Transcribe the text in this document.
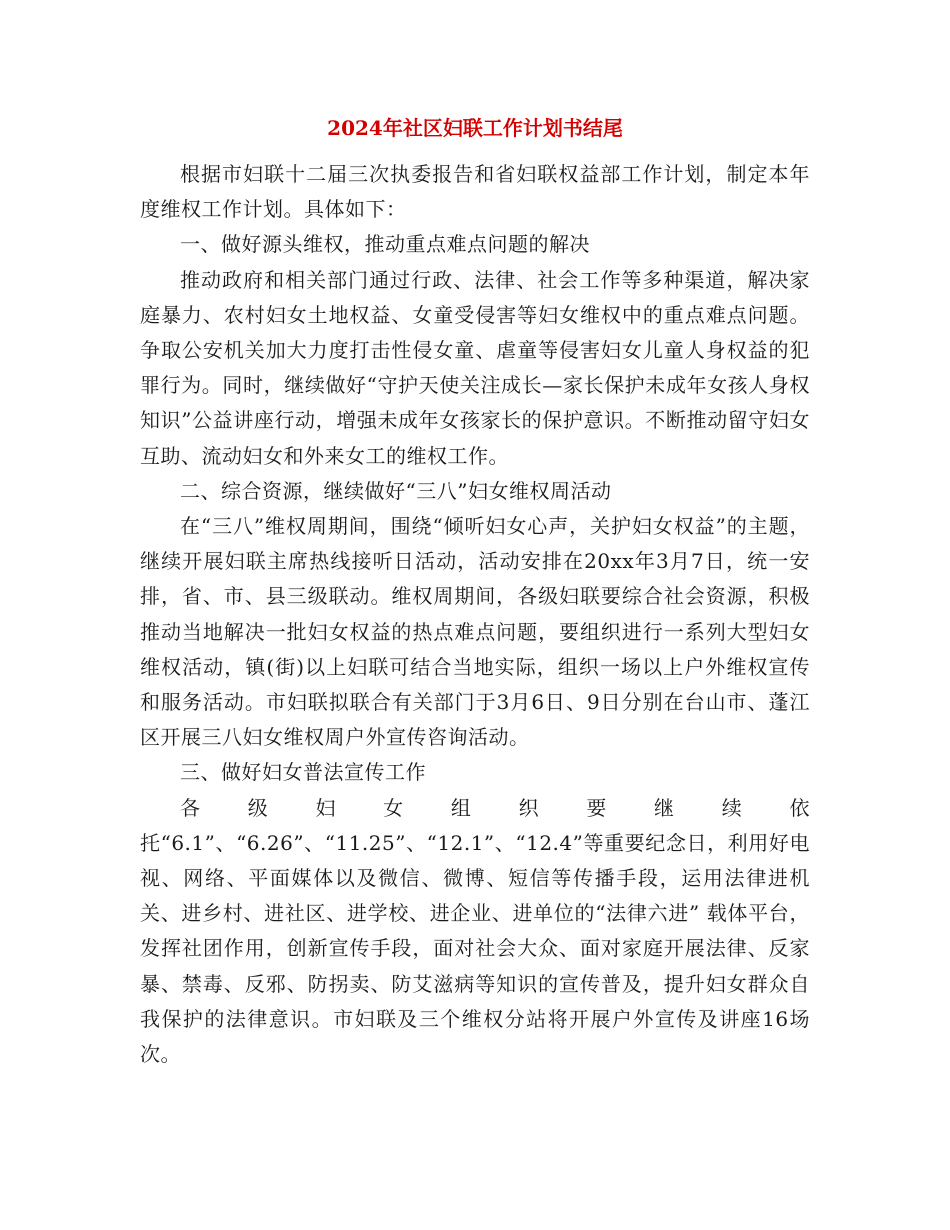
2024年社区妇联工作计划书结尾

根据市妇联十二届三次执委报告和省妇联权益部工作计划，制定本年度维权工作计划。具体如下：

一、做好源头维权，推动重点难点问题的解决

推动政府和相关部门通过行政、法律、社会工作等多种渠道，解决家庭暴力、农村妇女土地权益、女童受侵害等妇女维权中的重点难点问题。争取公安机关加大力度打击性侵女童、虐童等侵害妇女儿童人身权益的犯罪行为。同时，继续做好“守护天使关注成长—家长保护未成年女孩人身权知识”公益讲座行动，增强未成年女孩家长的保护意识。不断推动留守妇女互助、流动妇女和外来女工的维权工作。

二、综合资源，继续做好“三八”妇女维权周活动

在“三八”维权周期间，围绕“倾听妇女心声，关护妇女权益”的主题，继续开展妇联主席热线接听日活动，活动安排在20xx年3月7日，统一安排，省、市、县三级联动。维权周期间，各级妇联要综合社会资源，积极推动当地解决一批妇女权益的热点难点问题，要组织进行一系列大型妇女维权活动，镇(街)以上妇联可结合当地实际，组织一场以上户外维权宣传和服务活动。市妇联拟联合有关部门于3月6日、9日分别在台山市、蓬江区开展三八妇女维权周户外宣传咨询活动。

三、做好妇女普法宣传工作

各级妇女组织要继续依托“6.1”、“6.26”、“11.25”、“12.1”、“12.4”等重要纪念日，利用好电视、网络、平面媒体以及微信、微博、短信等传播手段，运用法律进机关、进乡村、进社区、进学校、进企业、进单位的“法律六进” 载体平台，发挥社团作用，创新宣传手段，面对社会大众、面对家庭开展法律、反家暴、禁毒、反邪、防拐卖、防艾滋病等知识的宣传普及，提升妇女群众自我保护的法律意识。市妇联及三个维权分站将开展户外宣传及讲座16场次。
